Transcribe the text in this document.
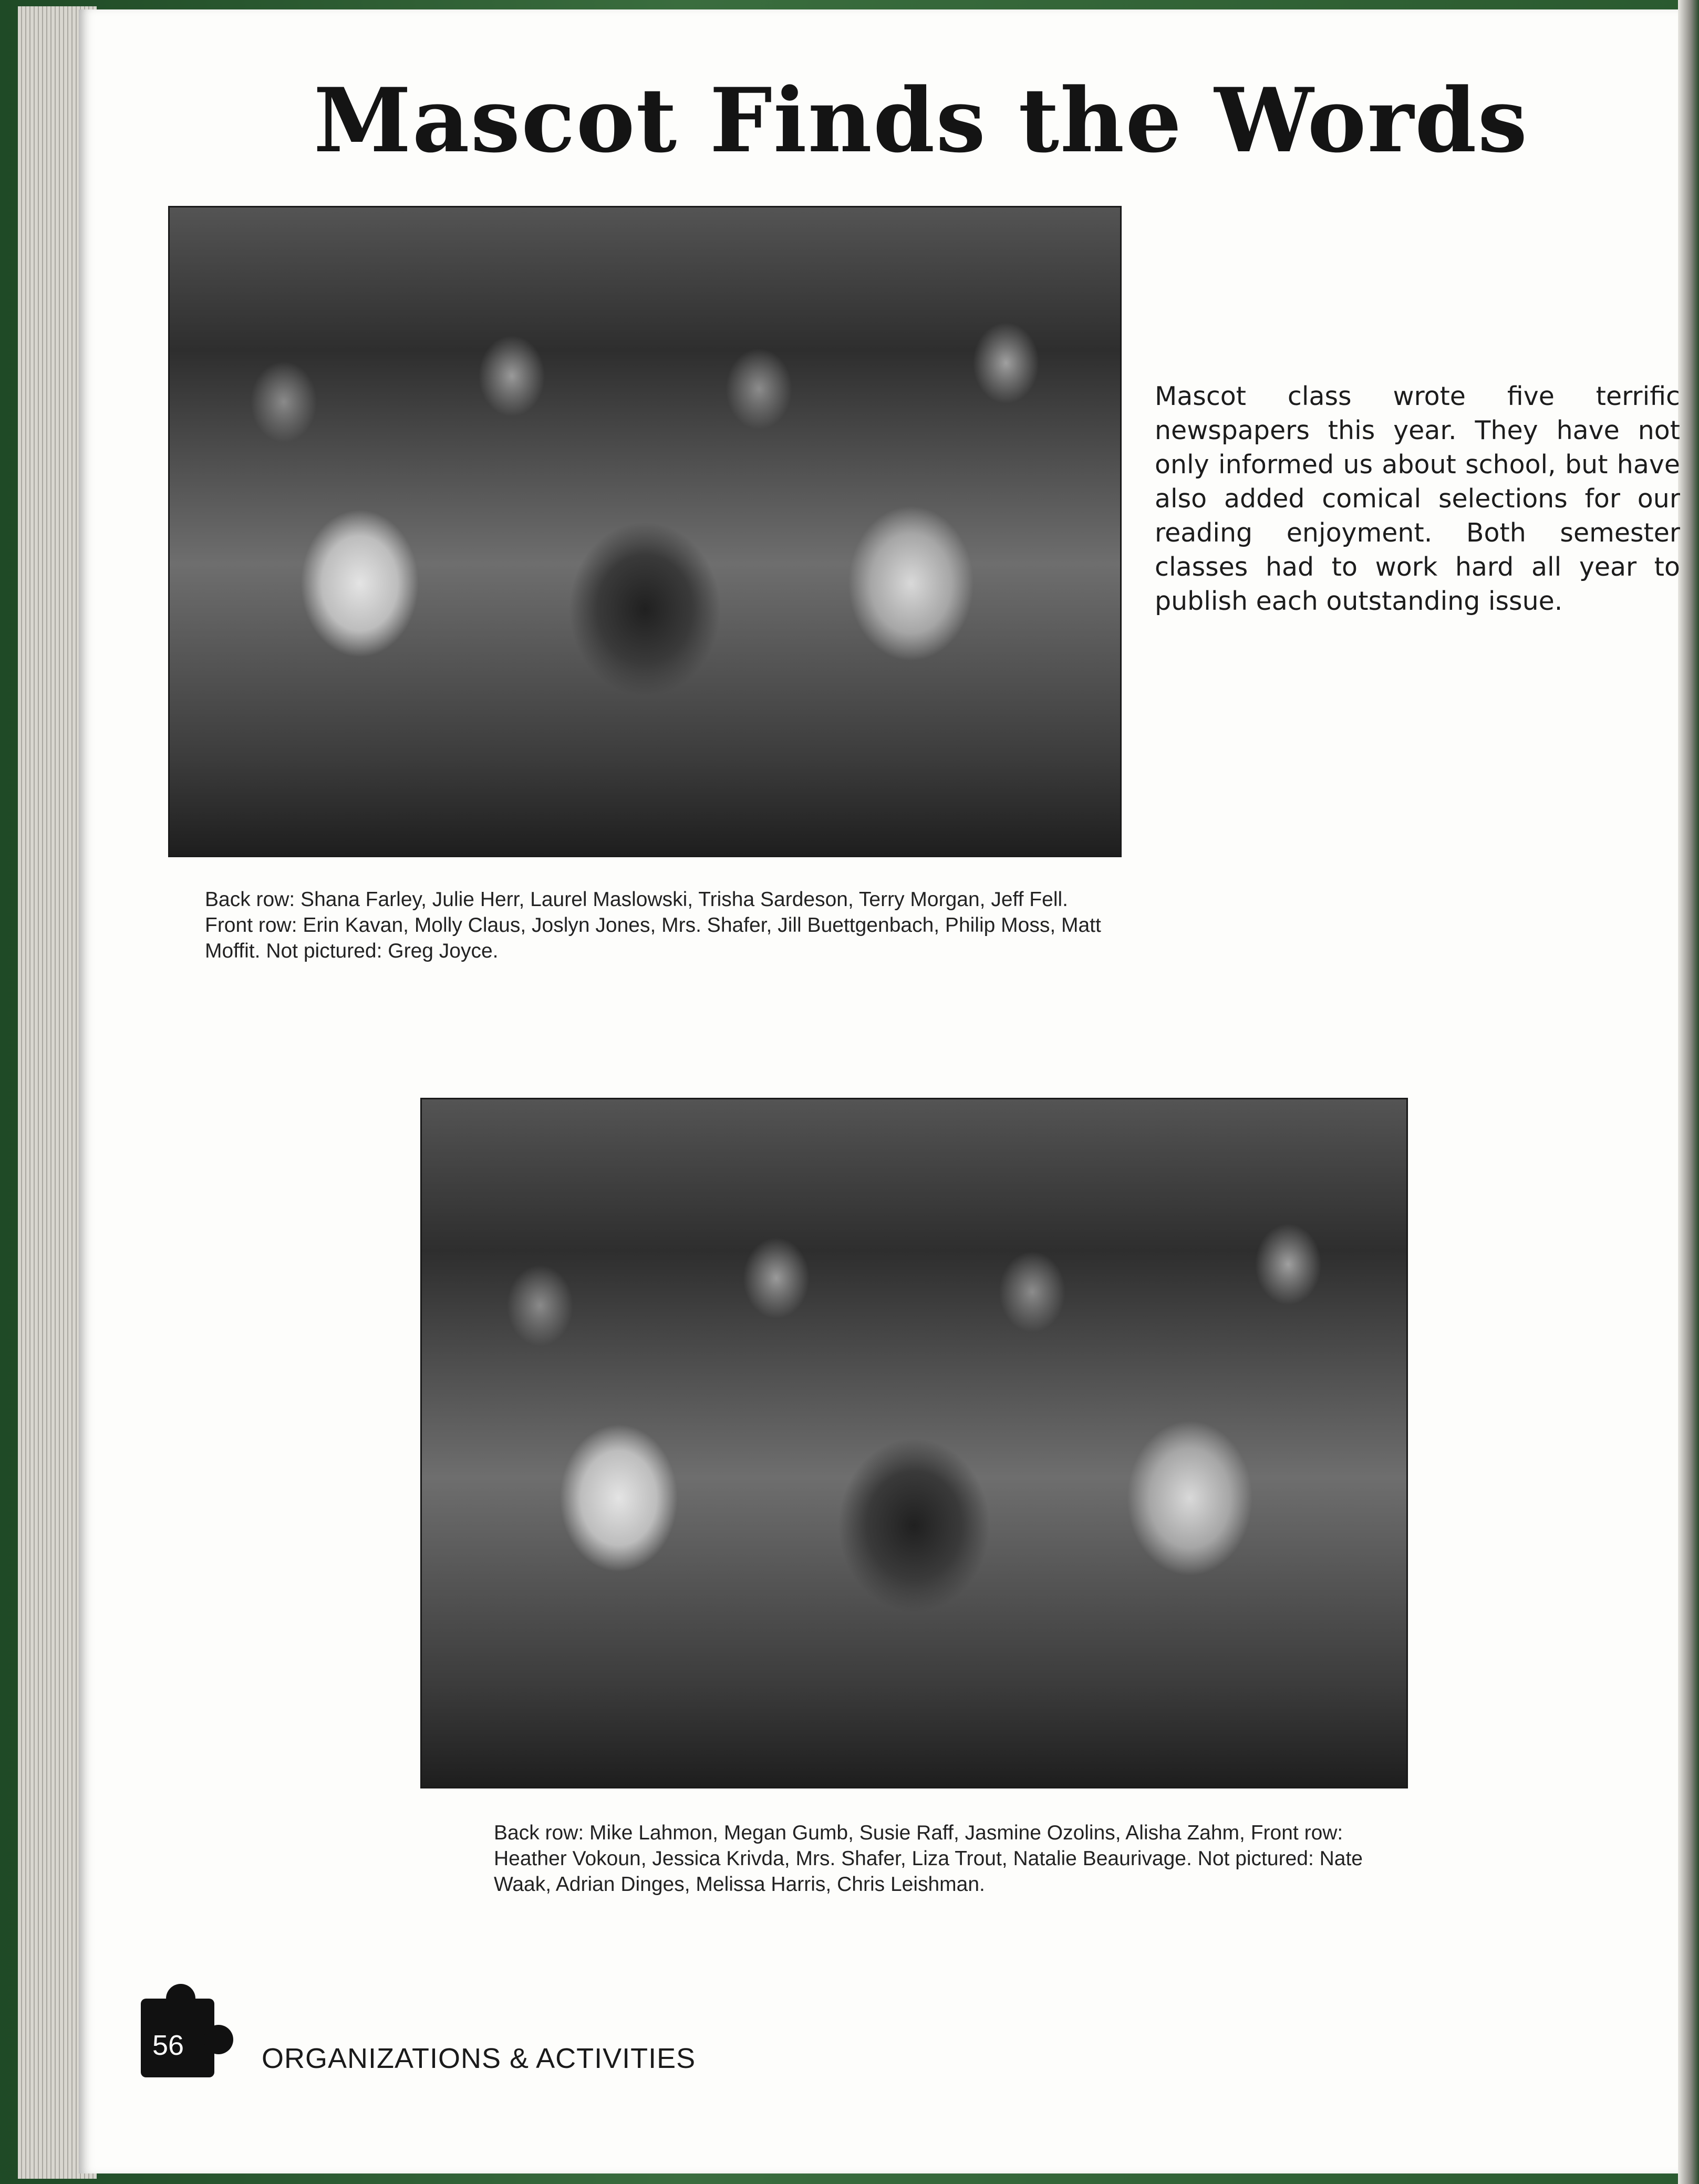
Mascot Finds the Words
Back row: Shana Farley, Julie Herr, Laurel Maslowski, Trisha Sardeson, Terry Morgan, Jeff Fell. Front row: Erin Kavan, Molly Claus, Joslyn Jones, Mrs. Shafer, Jill Buettgenbach, Philip Moss, Matt Moffit. Not pictured: Greg Joyce.
Mascot class wrote five terrific newspapers this year. They have not only informed us about school, but have also added comical selections for our reading enjoyment. Both semester classes had to work hard all year to publish each outstanding issue.
Back row: Mike Lahmon, Megan Gumb, Susie Raff, Jasmine Ozolins, Alisha Zahm, Front row: Heather Vokoun, Jessica Krivda, Mrs. Shafer, Liza Trout, Natalie Beaurivage. Not pictured: Nate Waak, Adrian Dinges, Melissa Harris, Chris Leishman.
56	ORGANIZATIONS & ACTIVITIES
